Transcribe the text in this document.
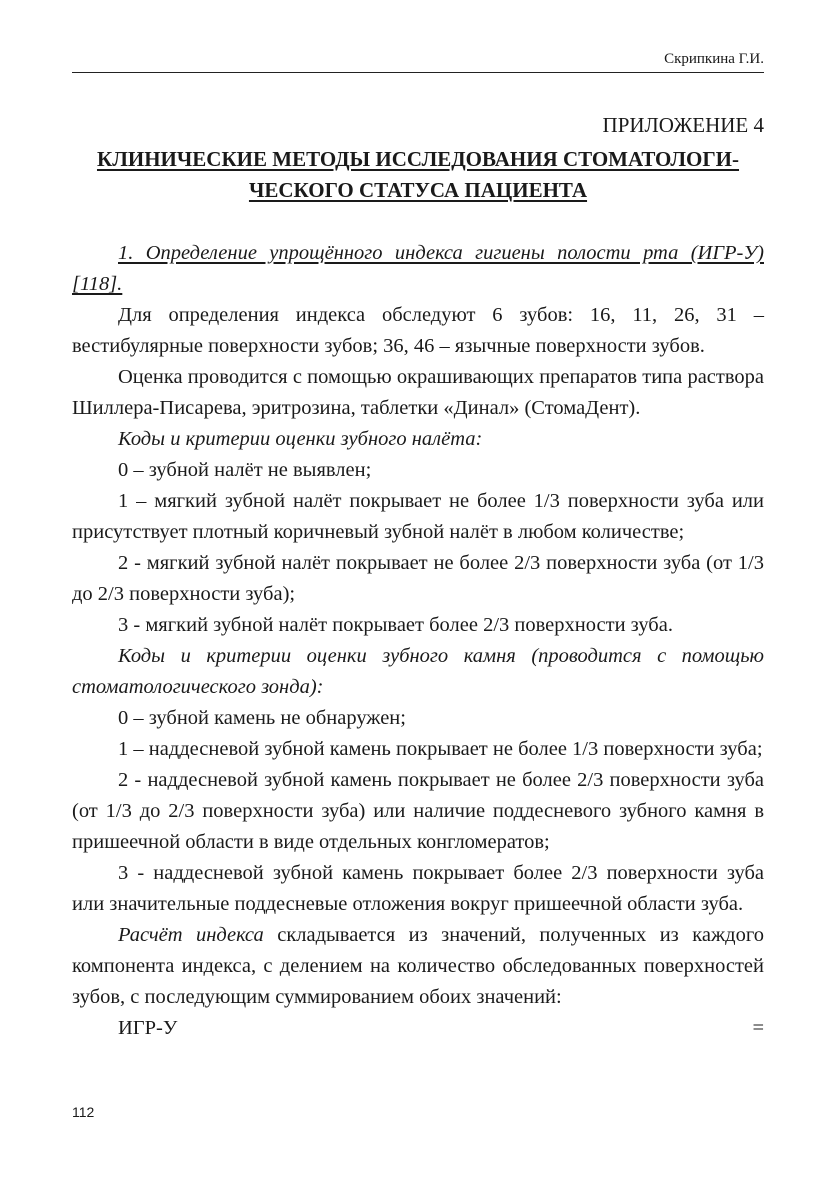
Скрипкина Г.И.
ПРИЛОЖЕНИЕ 4
КЛИНИЧЕСКИЕ МЕТОДЫ ИССЛЕДОВАНИЯ СТОМАТОЛОГИ-
ЧЕСКОГО СТАТУСА ПАЦИЕНТА

1. Определение упрощённого индекса гигиены полости рта (ИГР-У) [118].

Для определения индекса обследуют 6 зубов: 16, 11, 26, 31 – вестибулярные поверхности зубов; 36, 46 – язычные поверхности зубов.

Оценка проводится с помощью окрашивающих препаратов типа раствора Шиллера-Писарева, эритрозина, таблетки «Динал» (СтомаДент).

Коды и критерии оценки зубного налёта:

0 – зубной налёт не выявлен;

1 – мягкий зубной налёт покрывает не более 1/3 поверхности зуба или присутствует плотный коричневый зубной налёт в любом количестве;

2 - мягкий зубной налёт покрывает не более 2/3 поверхности зуба (от 1/3 до 2/3 поверхности зуба);

3 - мягкий зубной налёт покрывает более 2/3 поверхности зуба.

Коды и критерии оценки зубного камня (проводится с помощью стоматологического зонда):

0 – зубной камень не обнаружен;

1 – наддесневой зубной камень покрывает не более 1/3 поверхности зуба;

2 - наддесневой зубной камень покрывает не более 2/3 поверхности зуба (от 1/3 до 2/3 поверхности зуба) или наличие поддесневого зубного камня в пришеечной области в виде отдельных конгломератов;

3 - наддесневой зубной камень покрывает более 2/3 поверхности зуба или значительные поддесневые отложения вокруг пришеечной области зуба.

Расчёт индекса складывается из значений, полученных из каждого компонента индекса, с делением на количество обследованных поверхностей зубов, с последующим суммированием обоих значений:

ИГР-У	=
112
